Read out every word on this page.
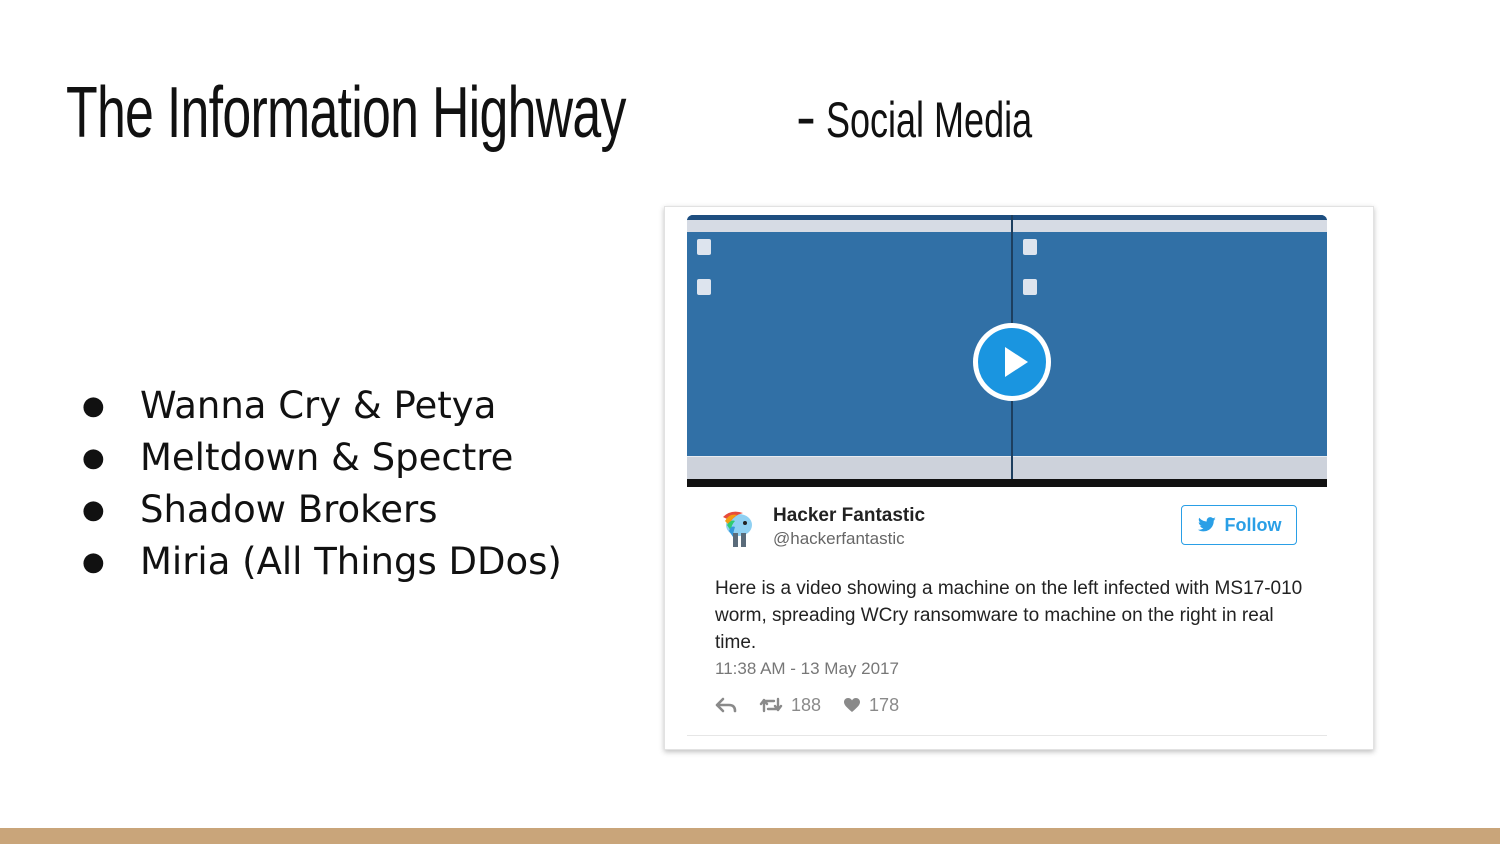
The Information Highway	- Social Media
● Wanna Cry & Petya
● Meltdown & Spectre
● Shadow Brokers
● Miria (All Things DDos)
Hacker Fantastic
@hackerfantastic
Follow
Here is a video showing a machine on the left infected with MS17-010 worm, spreading WCry ransomware to machine on the right in real time.
11:38 AM - 13 May 2017
188	178
